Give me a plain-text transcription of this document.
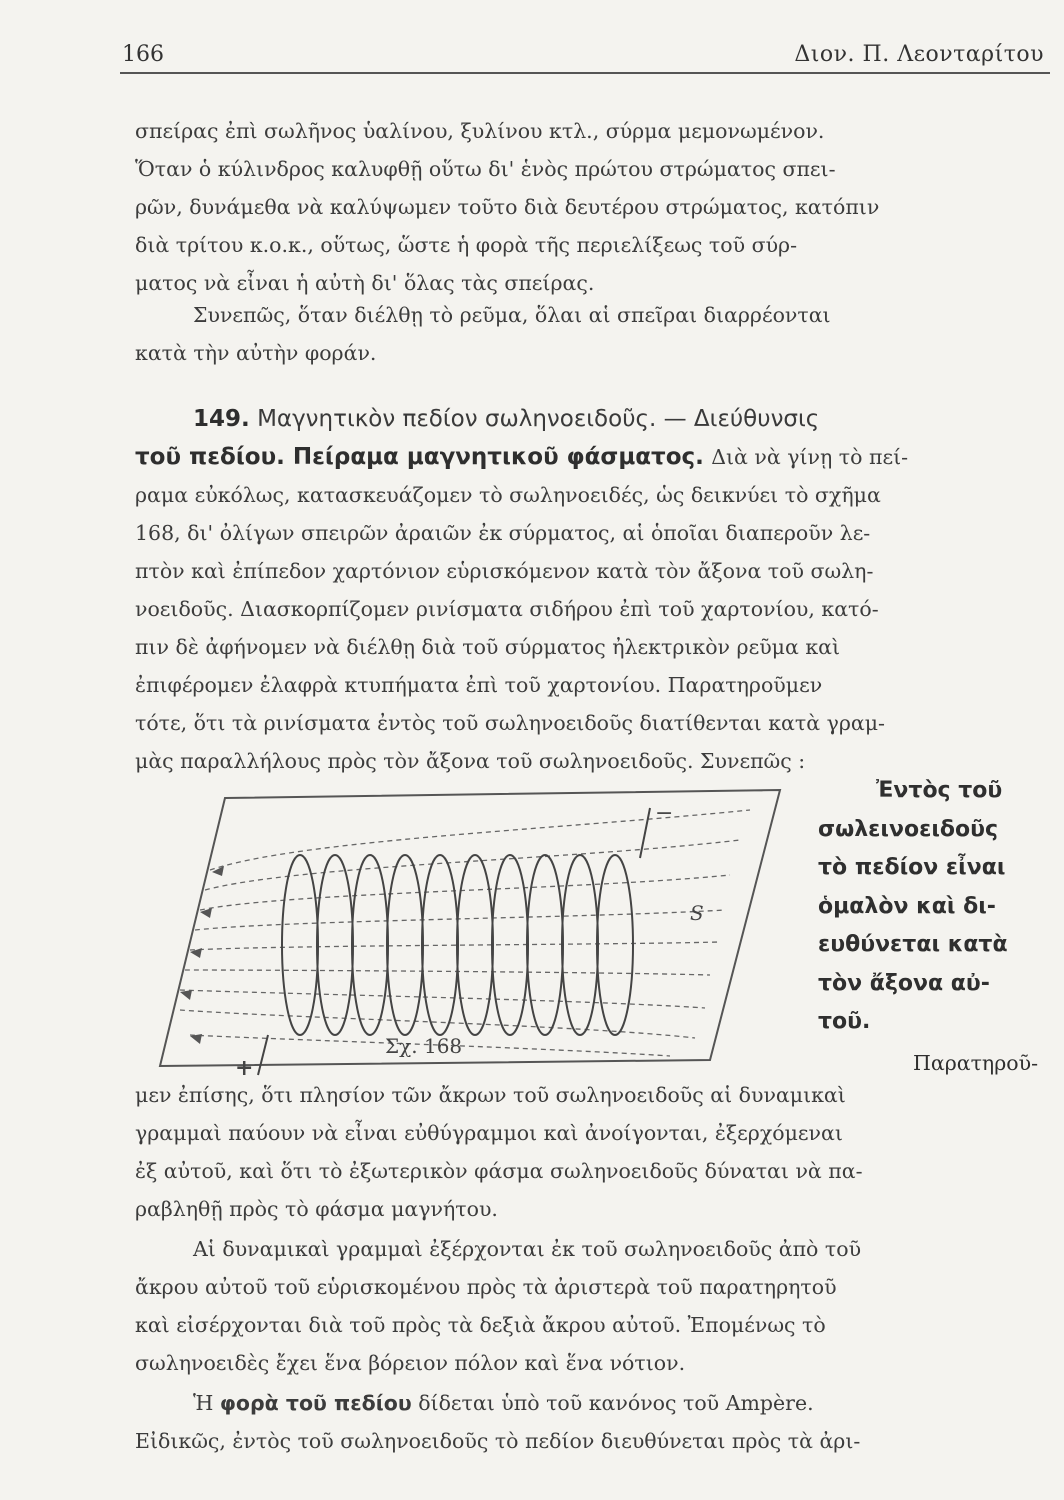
166	Διον. Π. Λεονταρίτου

σπείρας ἐπὶ σωλῆνος ὑαλίνου, ξυλίνου κτλ., σύρμα μεμονωμένον.

Ὅταν ὁ κύλινδρος καλυφθῇ οὕτω δι' ἑνὸς πρώτου στρώματος σπει-

ρῶν, δυνάμεθα νὰ καλύψωμεν τοῦτο διὰ δευτέρου στρώματος, κατόπιν

διὰ τρίτου κ.ο.κ., οὕτως, ὥστε ἡ φορὰ τῆς περιελίξεως τοῦ σύρ-

ματος νὰ εἶναι ἡ αὐτὴ δι' ὅλας τὰς σπείρας.

Συνεπῶς, ὅταν διέλθῃ τὸ ρεῦμα, ὅλαι αἱ σπεῖραι διαρρέονται

κατὰ τὴν αὐτὴν φοράν.

149. Μαγνητικὸν πεδίον σωληνοειδοῦς. — Διεύθυνσις
τοῦ πεδίου. Πείραμα μαγνητικοῦ φάσματος. Διὰ νὰ γίνῃ τὸ πεί-

ραμα εὐκόλως, κατασκευάζομεν τὸ σωληνοειδές, ὡς δεικνύει τὸ σχῆμα

168, δι' ὀλίγων σπειρῶν ἀραιῶν ἐκ σύρματος, αἱ ὁποῖαι διαπεροῦν λε-

πτὸν καὶ ἐπίπεδον χαρτόνιον εὑρισκόμενον κατὰ τὸν ἄξονα τοῦ σωλη-

νοειδοῦς. Διασκορπίζομεν ρινίσματα σιδήρου ἐπὶ τοῦ χαρτονίου, κατό-

πιν δὲ ἀφήνομεν νὰ διέλθῃ διὰ τοῦ σύρματος ἠλεκτρικὸν ρεῦμα καὶ

ἐπιφέρομεν ἐλαφρὰ κτυπήματα ἐπὶ τοῦ χαρτονίου. Παρατηροῦμεν

τότε, ὅτι τὰ ρινίσματα ἐντὸς τοῦ σωληνοειδοῦς διατίθενται κατὰ γραμ-

μὰς παραλλήλους πρὸς τὸν ἄξονα τοῦ σωληνοειδοῦς. Συνεπῶς :

S
+
−
Σχ. 168

Ἐντὸς τοῦ

σωλεινοειδοῦς

τὸ πεδίον εἶναι

ὁμαλὸν καὶ δι-

ευθύνεται κατὰ

τὸν ἄξονα αὐ-

τοῦ.

Παρατηροῦ-

μεν ἐπίσης, ὅτι πλησίον τῶν ἄκρων τοῦ σωληνοειδοῦς αἱ δυναμικαὶ

γραμμαὶ παύουν νὰ εἶναι εὐθύγραμμοι καὶ ἀνοίγονται, ἐξερχόμεναι

ἐξ αὐτοῦ, καὶ ὅτι τὸ ἐξωτερικὸν φάσμα σωληνοειδοῦς δύναται νὰ πα-

ραβληθῇ πρὸς τὸ φάσμα μαγνήτου.

Αἱ δυναμικαὶ γραμμαὶ ἐξέρχονται ἐκ τοῦ σωληνοειδοῦς ἀπὸ τοῦ

ἄκρου αὐτοῦ τοῦ εὑρισκομένου πρὸς τὰ ἀριστερὰ τοῦ παρατηρητοῦ

καὶ εἰσέρχονται διὰ τοῦ πρὸς τὰ δεξιὰ ἄκρου αὐτοῦ. Ἐπομένως τὸ

σωληνοειδὲς ἔχει ἕνα βόρειον πόλον καὶ ἕνα νότιον.

Ἡ φορὰ τοῦ πεδίου δίδεται ὑπὸ τοῦ κανόνος τοῦ Ampère.

Εἰδικῶς, ἐντὸς τοῦ σωληνοειδοῦς τὸ πεδίον διευθύνεται πρὸς τὰ ἀρι-
